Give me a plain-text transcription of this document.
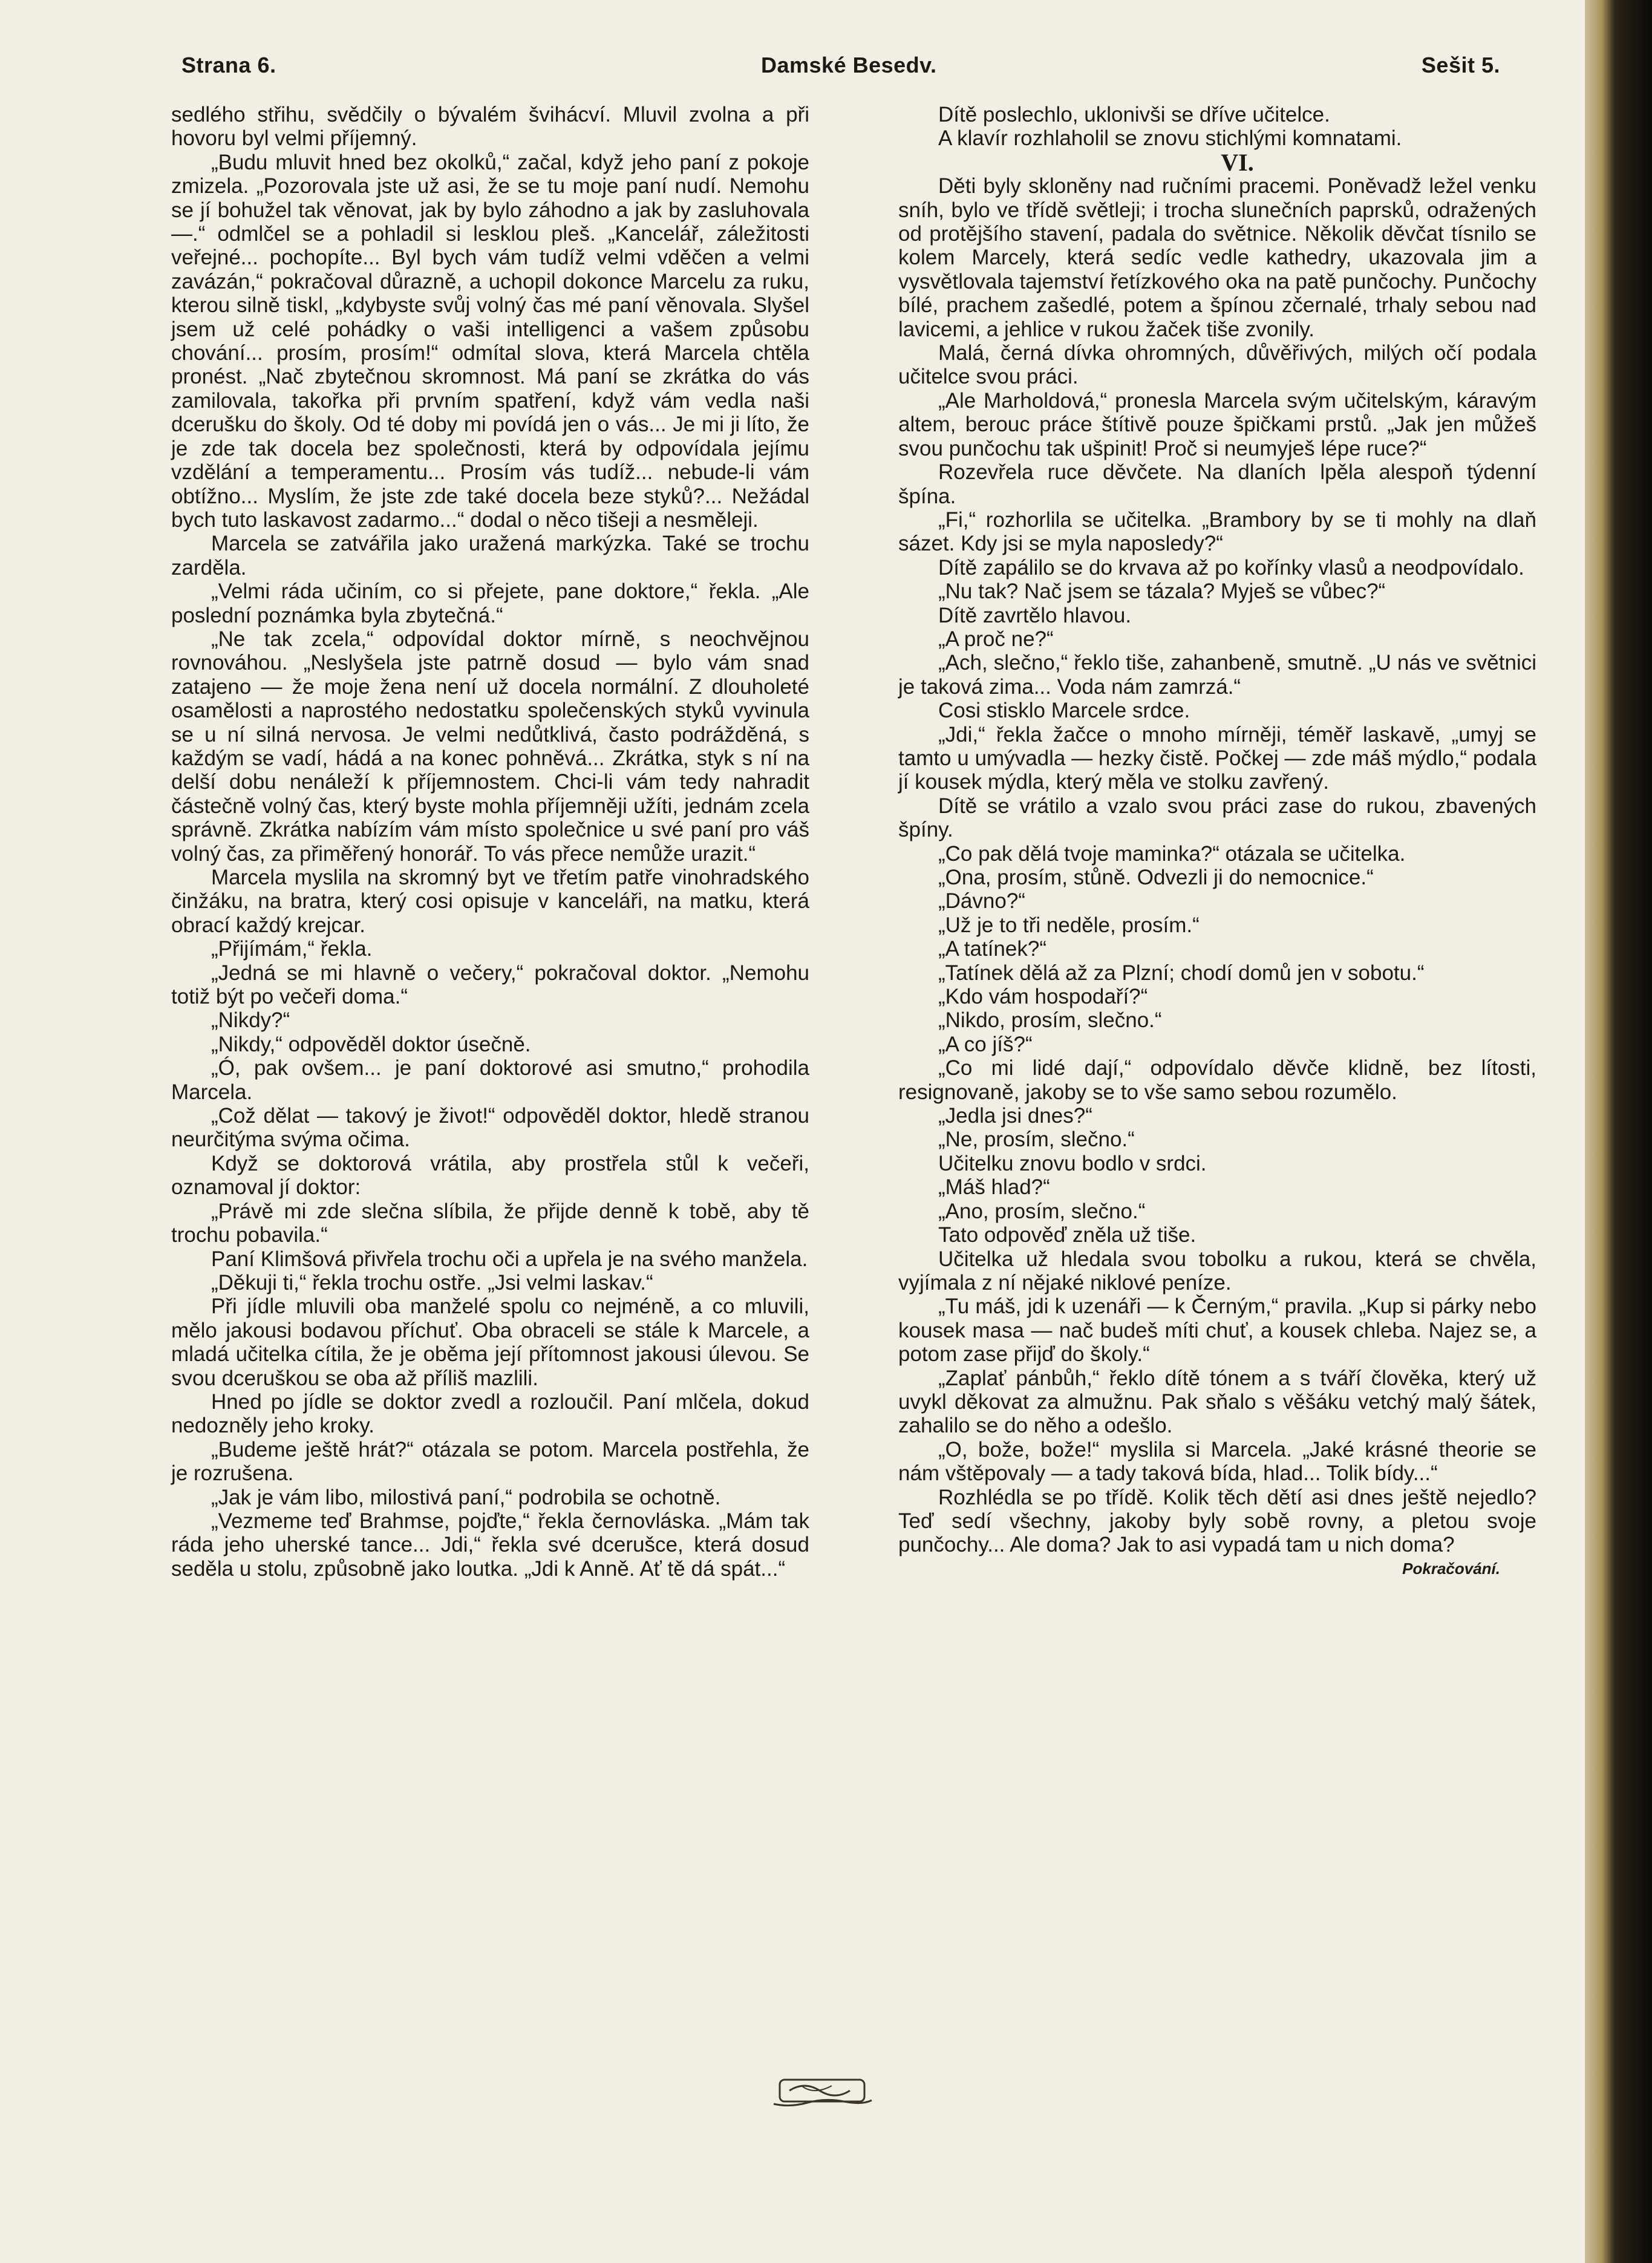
Strana 6.	Damské Besedv.	Sešit 5.

sedlého střihu, svědčily o bývalém švihácví. Mluvil zvolna a při hovoru byl velmi příjemný.

„Budu mluvit hned bez okolků,“ začal, když jeho paní z pokoje zmizela. „Pozorovala jste už asi, že se tu moje paní nudí. Nemohu se jí bohužel tak věnovat, jak by bylo záhodno a jak by zasluhovala —.“ odmlčel se a pohladil si lesklou pleš. „Kancelář, záležitosti veřejné... pochopíte... Byl bych vám tudíž velmi vděčen a velmi zavázán,“ pokračoval důrazně, a uchopil dokonce Marcelu za ruku, kterou silně tiskl, „kdybyste svůj volný čas mé paní věnovala. Slyšel jsem už celé pohádky o vaši intelligenci a vašem způsobu chování... prosím, prosím!“ odmítal slova, která Marcela chtěla pronést. „Nač zbytečnou skromnost. Má paní se zkrátka do vás zamilovala, takořka při prvním spatření, když vám vedla naši dcerušku do školy. Od té doby mi povídá jen o vás... Je mi ji líto, že je zde tak docela bez společnosti, která by odpovídala jejímu vzdělání a temperamentu... Prosím vás tudíž... nebude-li vám obtížno... Myslím, že jste zde také docela beze styků?... Nežádal bych tuto laskavost zadarmo...“ dodal o něco tišeji a nesměleji.

Marcela se zatvářila jako uražená markýzka. Také se trochu zarděla.

„Velmi ráda učiním, co si přejete, pane doktore,“ řekla. „Ale poslední poznámka byla zbytečná.“

„Ne tak zcela,“ odpovídal doktor mírně, s neochvějnou rovnováhou. „Neslyšela jste patrně dosud — bylo vám snad zatajeno — že moje žena není už docela normální. Z dlouholeté osamělosti a naprostého nedostatku společenských styků vyvinula se u ní silná nervosa. Je velmi nedůtklivá, často podrážděná, s každým se vadí, hádá a na konec pohněvá... Zkrátka, styk s ní na delší dobu nenáleží k příjemnostem. Chci-li vám tedy nahradit částečně volný čas, který byste mohla příjemněji užíti, jednám zcela správně. Zkrátka nabízím vám místo společnice u své paní pro váš volný čas, za přiměřený honorář. To vás přece nemůže urazit.“

Marcela myslila na skromný byt ve třetím patře vinohradského činžáku, na bratra, který cosi opisuje v kanceláři, na matku, která obrací každý krejcar.

„Přijímám,“ řekla.

„Jedná se mi hlavně o večery,“ pokračoval doktor. „Nemohu totiž být po večeři doma.“

„Nikdy?“

„Nikdy,“ odpověděl doktor úsečně.

„Ó, pak ovšem... je paní doktorové asi smutno,“ prohodila Marcela.

„Což dělat — takový je život!“ odpověděl doktor, hledě stranou neurčitýma svýma očima.

Když se doktorová vrátila, aby prostřela stůl k večeři, oznamoval jí doktor:

„Právě mi zde slečna slíbila, že přijde denně k tobě, aby tě trochu pobavila.“

Paní Klimšová přivřela trochu oči a upřela je na svého manžela.

„Děkuji ti,“ řekla trochu ostře. „Jsi velmi laskav.“

Při jídle mluvili oba manželé spolu co nejméně, a co mluvili, mělo jakousi bodavou příchuť. Oba obraceli se stále k Marcele, a mladá učitelka cítila, že je oběma její přítomnost jakousi úlevou. Se svou dceruškou se oba až příliš mazlili.

Hned po jídle se doktor zvedl a rozloučil. Paní mlčela, dokud nedozněly jeho kroky.

„Budeme ještě hrát?“ otázala se potom. Marcela postřehla, že je rozrušena.

„Jak je vám libo, milostivá paní,“ podrobila se ochotně.

„Vezmeme teď Brahmse, pojďte,“ řekla černovláska. „Mám tak ráda jeho uherské tance... Jdi,“ řekla své dcerušce, která dosud seděla u stolu, způsobně jako loutka. „Jdi k Anně. Ať tě dá spát...“

Dítě poslechlo, uklonivši se dříve učitelce.

A klavír rozhlaholil se znovu stichlými komnatami.

VI.

Děti byly skloněny nad ručními pracemi. Poněvadž ležel venku sníh, bylo ve třídě světleji; i trocha slunečních paprsků, odražených od protějšího stavení, padala do světnice. Několik děvčat tísnilo se kolem Marcely, která sedíc vedle kathedry, ukazovala jim a vysvětlovala tajemství řetízkového oka na patě punčochy. Punčochy bílé, prachem zašedlé, potem a špínou zčernalé, trhaly sebou nad lavicemi, a jehlice v rukou žaček tiše zvonily.

Malá, černá dívka ohromných, důvěřivých, milých očí podala učitelce svou práci.

„Ale Marholdová,“ pronesla Marcela svým učitelským, káravým altem, berouc práce štítivě pouze špičkami prstů. „Jak jen můžeš svou punčochu tak ušpinit! Proč si neumyješ lépe ruce?“

Rozevřela ruce děvčete. Na dlaních lpěla alespoň týdenní špína.

„Fi,“ rozhorlila se učitelka. „Brambory by se ti mohly na dlaň sázet. Kdy jsi se myla naposledy?“

Dítě zapálilo se do krvava až po kořínky vlasů a neodpovídalo.

„Nu tak? Nač jsem se tázala? Myješ se vůbec?“

Dítě zavrtělo hlavou.

„A proč ne?“

„Ach, slečno,“ řeklo tiše, zahanbeně, smutně. „U nás ve světnici je taková zima... Voda nám zamrzá.“

Cosi stisklo Marcele srdce.

„Jdi,“ řekla žačce o mnoho mírněji, téměř laskavě, „umyj se tamto u umývadla — hezky čistě. Počkej — zde máš mýdlo,“ podala jí kousek mýdla, který měla ve stolku zavřený.

Dítě se vrátilo a vzalo svou práci zase do rukou, zbavených špíny.

„Co pak dělá tvoje maminka?“ otázala se učitelka.

„Ona, prosím, stůně. Odvezli ji do nemocnice.“

„Dávno?“

„Už je to tři neděle, prosím.“

„A tatínek?“

„Tatínek dělá až za Plzní; chodí domů jen v sobotu.“

„Kdo vám hospodaří?“

„Nikdo, prosím, slečno.“

„A co jíš?“

„Co mi lidé dají,“ odpovídalo děvče klidně, bez lítosti, resignovaně, jakoby se to vše samo sebou rozumělo.

„Jedla jsi dnes?“

„Ne, prosím, slečno.“

Učitelku znovu bodlo v srdci.

„Máš hlad?“

„Ano, prosím, slečno.“

Tato odpověď zněla už tiše.

Učitelka už hledala svou tobolku a rukou, která se chvěla, vyjímala z ní nějaké niklové peníze.

„Tu máš, jdi k uzenáři — k Černým,“ pravila. „Kup si párky nebo kousek masa — nač budeš míti chuť, a kousek chleba. Najez se, a potom zase přijď do školy.“

„Zaplať pánbůh,“ řeklo dítě tónem a s tváří člověka, který už uvykl děkovat za almužnu. Pak sňalo s věšáku vetchý malý šátek, zahalilo se do něho a odešlo.

„O, bože, bože!“ myslila si Marcela. „Jaké krásné theorie se nám vštěpovaly — a tady taková bída, hlad... Tolik bídy...“

Rozhlédla se po třídě. Kolik těch dětí asi dnes ještě nejedlo? Teď sedí všechny, jakoby byly sobě rovny, a pletou svoje punčochy... Ale doma? Jak to asi vypadá tam u nich doma?

Pokračování.
